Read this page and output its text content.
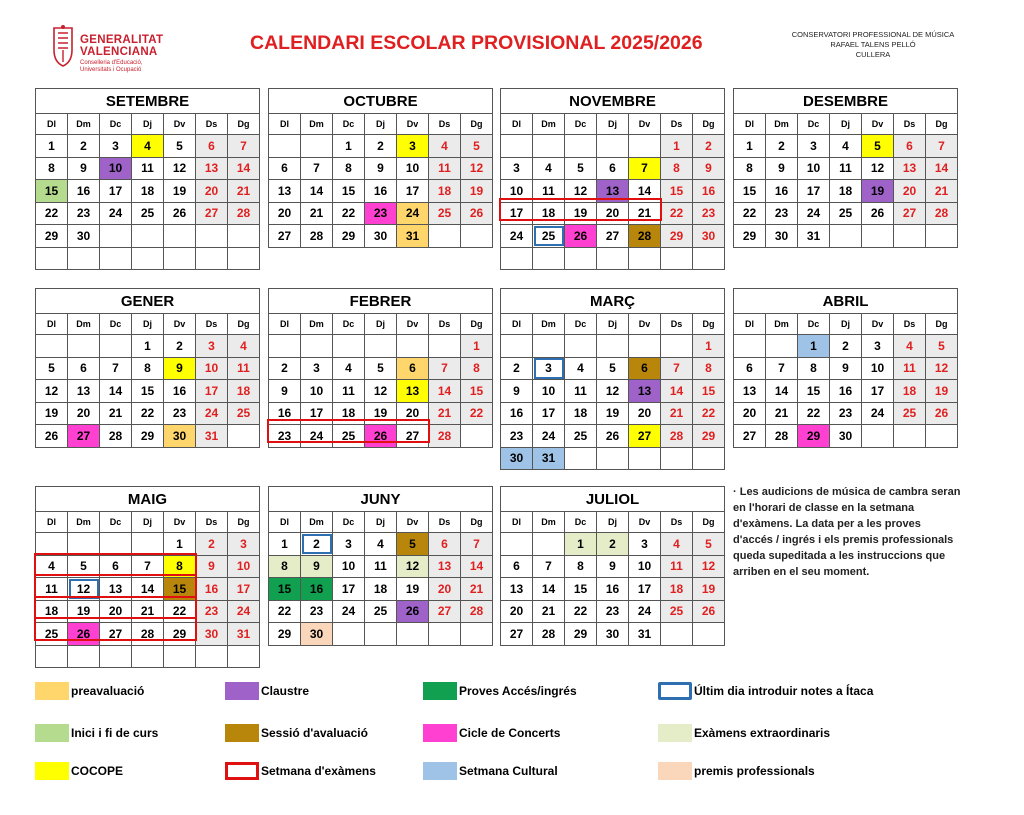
GENERALITAT
VALENCIANA
Conselleria d'Educació,
Universitats i Ocupació
CALENDARI ESCOLAR PROVISIONAL 2025/2026	CONSERVATORI PROFESSIONAL DE MÚSICA
RAFAEL TALENS PELLÓ
CULLERA
SETEMBRE						
Dl	Dm	Dc	Dj	Dv	Ds	Dg
1	2	3	4	5	6	7
8	9	10	11	12	13	14
15	16	17	18	19	20	21
22	23	24	25	26	27	28
29	30					

OCTUBRE						
Dl	Dm	Dc	Dj	Dv	Ds	Dg
		1	2	3	4	5
6	7	8	9	10	11	12
13	14	15	16	17	18	19
20	21	22	23	24	25	26
27	28	29	30	31		
NOVEMBRE						
Dl	Dm	Dc	Dj	Dv	Ds	Dg
					1	2
3	4	5	6	7	8	9
10	11	12	13	14	15	16
17	18	19	20	21	22	23
24	25	26	27	28	29	30

DESEMBRE						
Dl	Dm	Dc	Dj	Dv	Ds	Dg
1	2	3	4	5	6	7
8	9	10	11	12	13	14
15	16	17	18	19	20	21
22	23	24	25	26	27	28
29	30	31				
GENER						
Dl	Dm	Dc	Dj	Dv	Ds	Dg
			1	2	3	4
5	6	7	8	9	10	11
12	13	14	15	16	17	18
19	20	21	22	23	24	25
26	27	28	29	30	31	
FEBRER						
Dl	Dm	Dc	Dj	Dv	Ds	Dg
						1
2	3	4	5	6	7	8
9	10	11	12	13	14	15
16	17	18	19	20	21	22
23	24	25	26	27	28	
MARÇ						
Dl	Dm	Dc	Dj	Dv	Ds	Dg
						1
2	3	4	5	6	7	8
9	10	11	12	13	14	15
16	17	18	19	20	21	22
23	24	25	26	27	28	29
30	31					
ABRIL						
Dl	Dm	Dc	Dj	Dv	Ds	Dg
		1	2	3	4	5
6	7	8	9	10	11	12
13	14	15	16	17	18	19
20	21	22	23	24	25	26
27	28	29	30			
MAIG						
Dl	Dm	Dc	Dj	Dv	Ds	Dg
				1	2	3
4	5	6	7	8	9	10
11	12	13	14	15	16	17
18	19	20	21	22	23	24
25	26	27	28	29	30	31

JUNY						
Dl	Dm	Dc	Dj	Dv	Ds	Dg
1	2	3	4	5	6	7
8	9	10	11	12	13	14
15	16	17	18	19	20	21
22	23	24	25	26	27	28
29	30					
JULIOL						
Dl	Dm	Dc	Dj	Dv	Ds	Dg
		1	2	3	4	5
6	7	8	9	10	11	12
13	14	15	16	17	18	19
20	21	22	23	24	25	26
27	28	29	30	31		
· Les audicions de música de cambra seran en l'horari de classe en la setmana d'exàmens. La data per a les proves d'accés / ingrés i els premis professionals queda supeditada a les instruccions que arriben en el seu moment.
preavaluació
Inici i fi de curs
COCOPE
Claustre
Sessió d'avaluació
Setmana d'exàmens
Proves Accés/ingrés
Cicle de Concerts
Setmana Cultural
Últim dia introduir notes a Ítaca
Exàmens extraordinaris
premis professionals
